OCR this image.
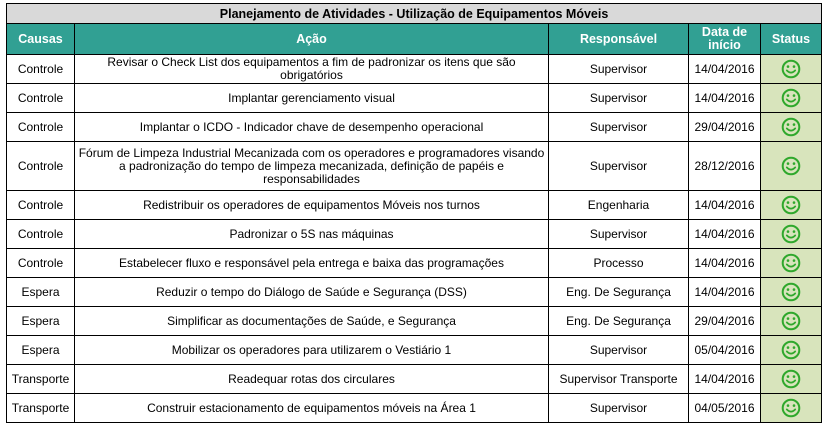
Planejamento de Atividades - Utilização de Equipamentos Móveis				
Causas	Ação	Responsável	Data de início	Status
Controle	Revisar o Check List dos equipamentos a fim de padronizar os itens que são obrigatórios	Supervisor	14/04/2016	

Controle	Implantar gerenciamento visual	Supervisor	14/04/2016	

Controle	Implantar o ICDO - Indicador chave de desempenho operacional	Supervisor	29/04/2016	

Controle	Fórum de Limpeza Industrial Mecanizada com os operadores e programadores visando a padronização do tempo de limpeza mecanizada, definição de papéis e responsabilidades	Supervisor	28/12/2016	

Controle	Redistribuir os operadores de equipamentos Móveis nos turnos	Engenharia	14/04/2016	

Controle	Padronizar o 5S nas máquinas	Supervisor	14/04/2016	

Controle	Estabelecer fluxo e responsável pela entrega e baixa das programações	Processo	14/04/2016	

Espera	Reduzir o tempo do Diálogo de Saúde e Segurança (DSS)	Eng. De Segurança	14/04/2016	

Espera	Simplificar as documentações de Saúde, e Segurança	Eng. De Segurança	29/04/2016	

Espera	Mobilizar os operadores para utilizarem o Vestiário 1	Supervisor	05/04/2016	

Transporte	Readequar rotas dos circulares	Supervisor Transporte	14/04/2016	

Transporte	Construir estacionamento de equipamentos móveis na Área 1	Supervisor	04/05/2016	
